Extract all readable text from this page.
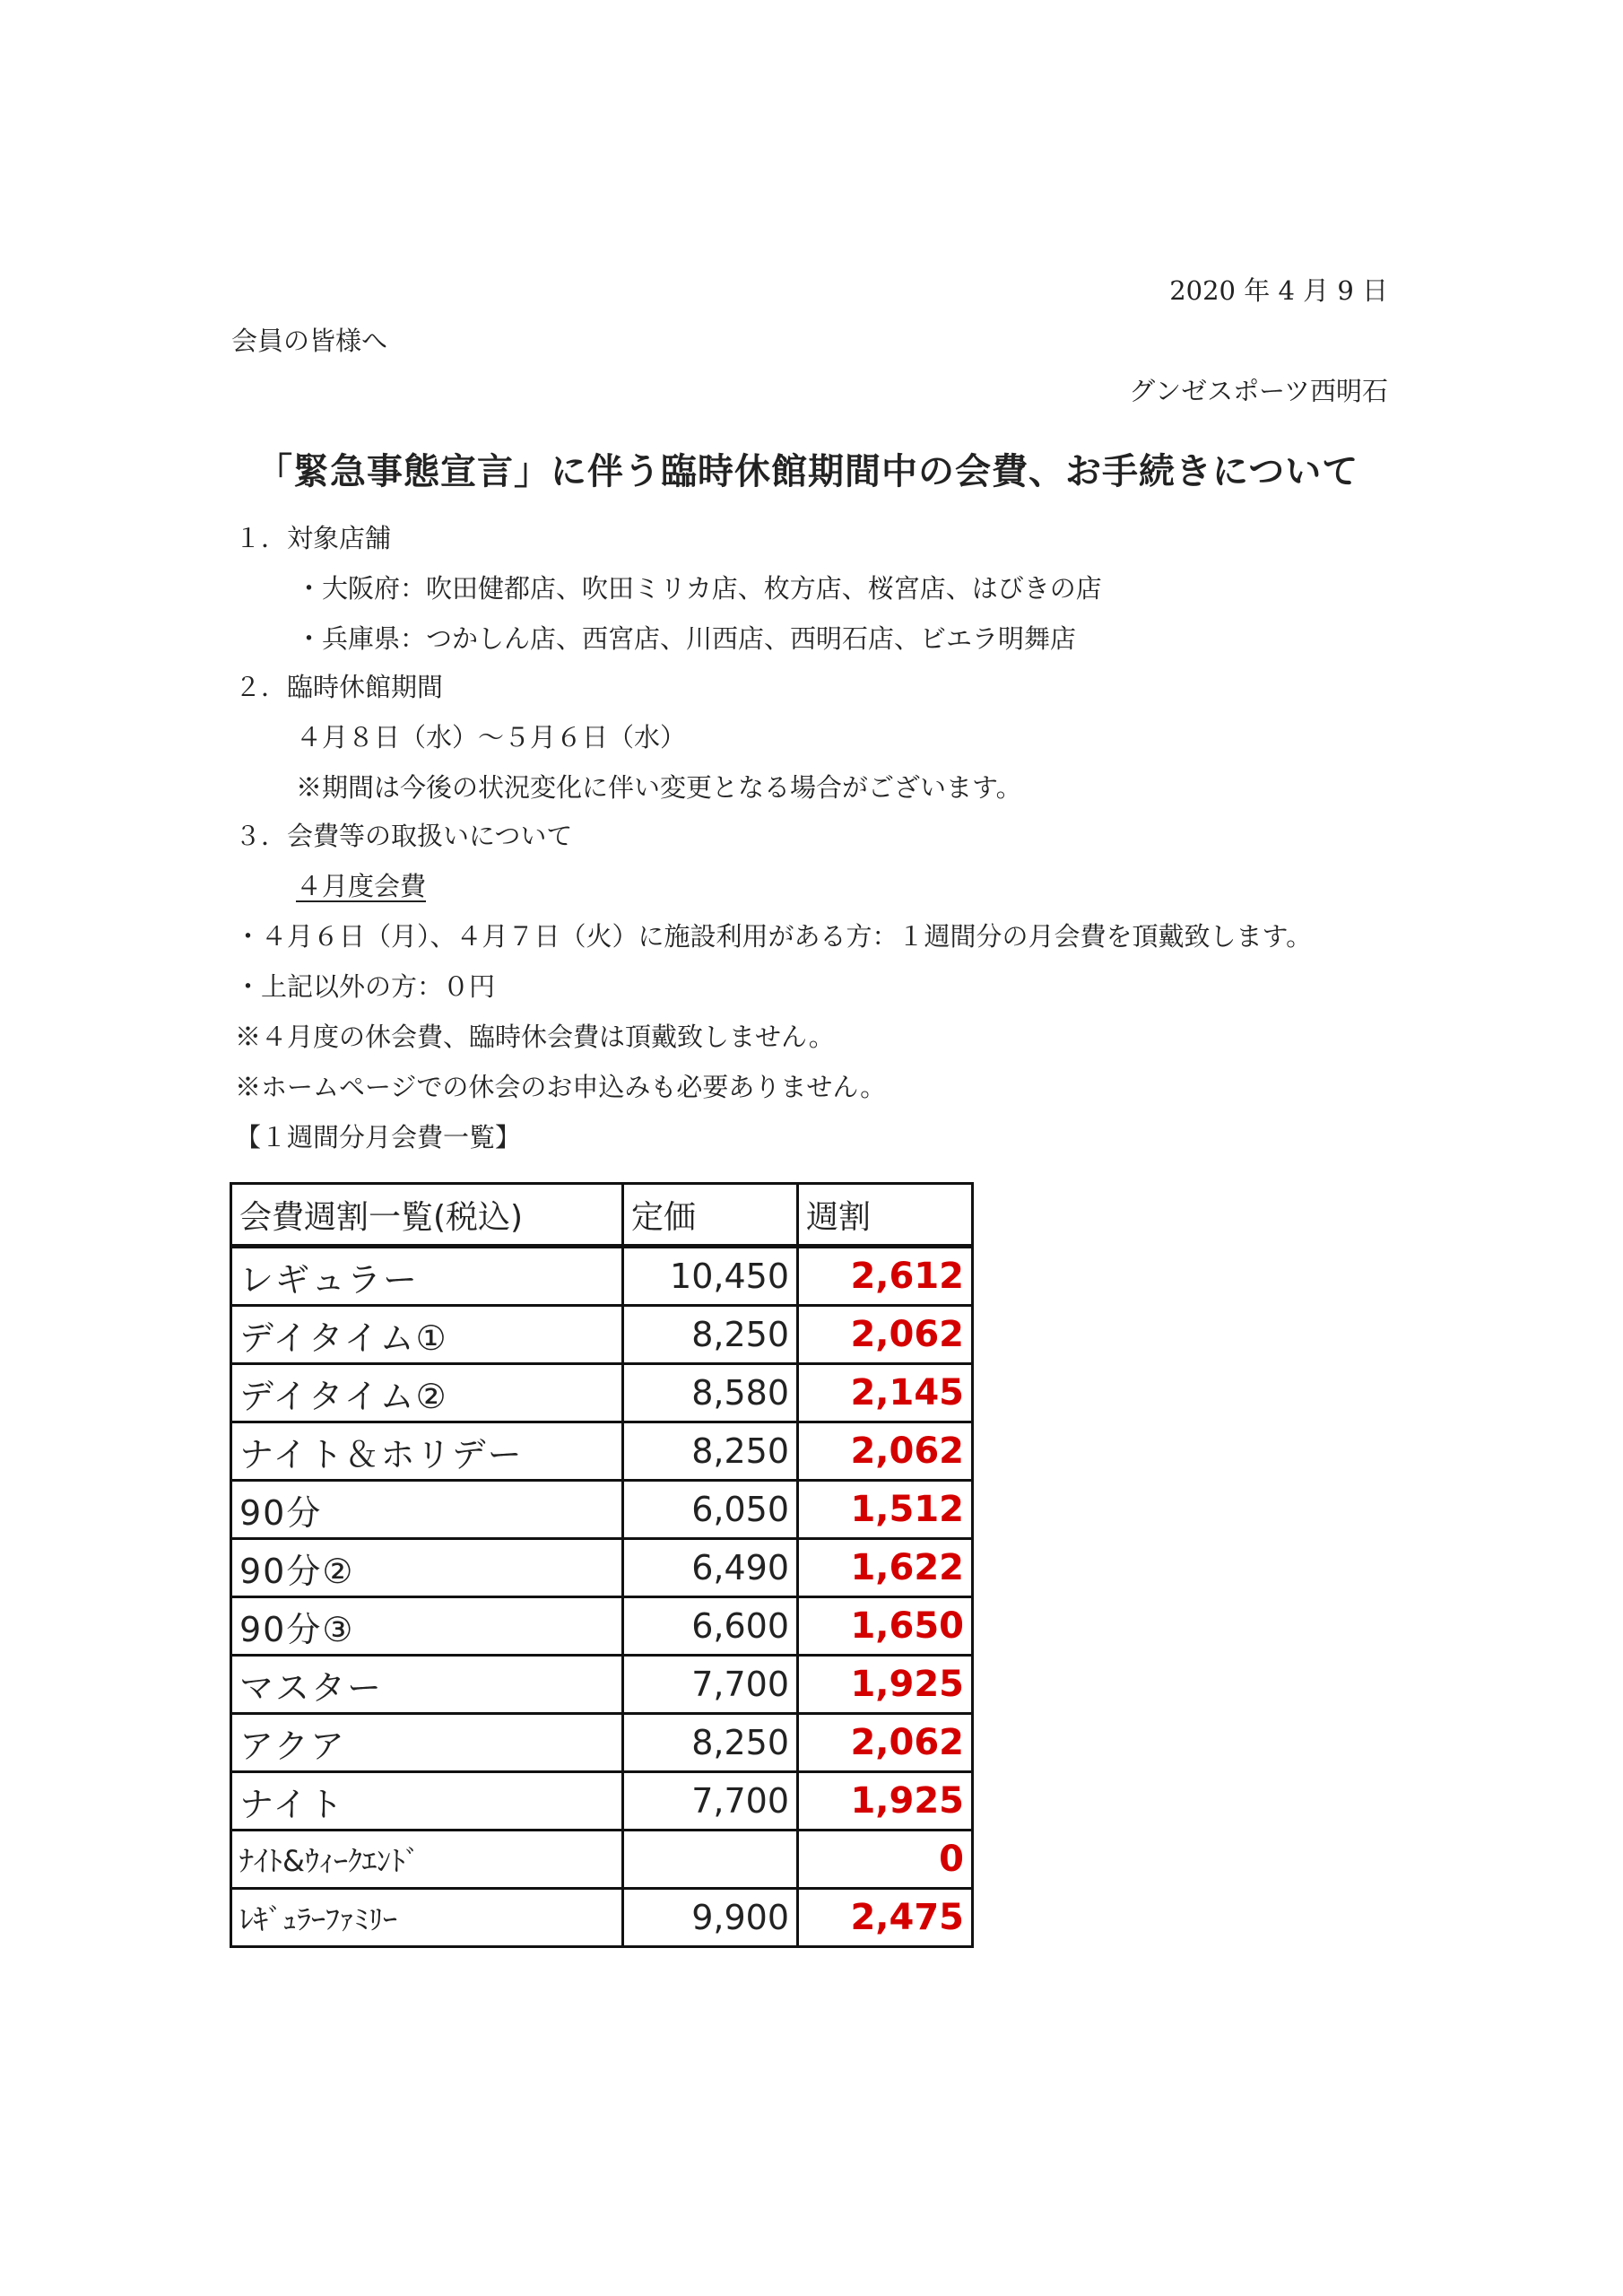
2020 年 4 月 9 日
会員の皆様へ
グンゼスポーツ西明石
「緊急事態宣言」に伴う臨時休館期間中の会費、お手続きについて
１．対象店舗
・大阪府：吹田健都店、吹田ミリカ店、枚方店、桜宮店、はびきの店
・兵庫県：つかしん店、西宮店、川西店、西明石店、ビエラ明舞店
２．臨時休館期間
４月８日（水）～５月６日（水）
※期間は今後の状況変化に伴い変更となる場合がございます。
３．会費等の取扱いについて
４月度会費
・４月６日（月）、４月７日（火）に施設利用がある方：１週間分の月会費を頂戴致します。
・上記以外の方：０円
※４月度の休会費、臨時休会費は頂戴致しません。
※ホームページでの休会のお申込みも必要ありません。
【１週間分月会費一覧】
会費週割一覧(税込)	定価	週割
レギュラー	10,450	2,612
デイタイム①	8,250	2,062
デイタイム②	8,580	2,145
ナイト＆ホリデー	8,250	2,062
90分	6,050	1,512
90分②	6,490	1,622
90分③	6,600	1,650
マスター	7,700	1,925
アクア	8,250	2,062
ナイト	7,700	1,925
ﾅｲﾄ&ｳｨｰｸｴﾝﾄﾞ		0
ﾚｷﾞｭﾗｰﾌｧﾐﾘｰ	9,900	2,475
